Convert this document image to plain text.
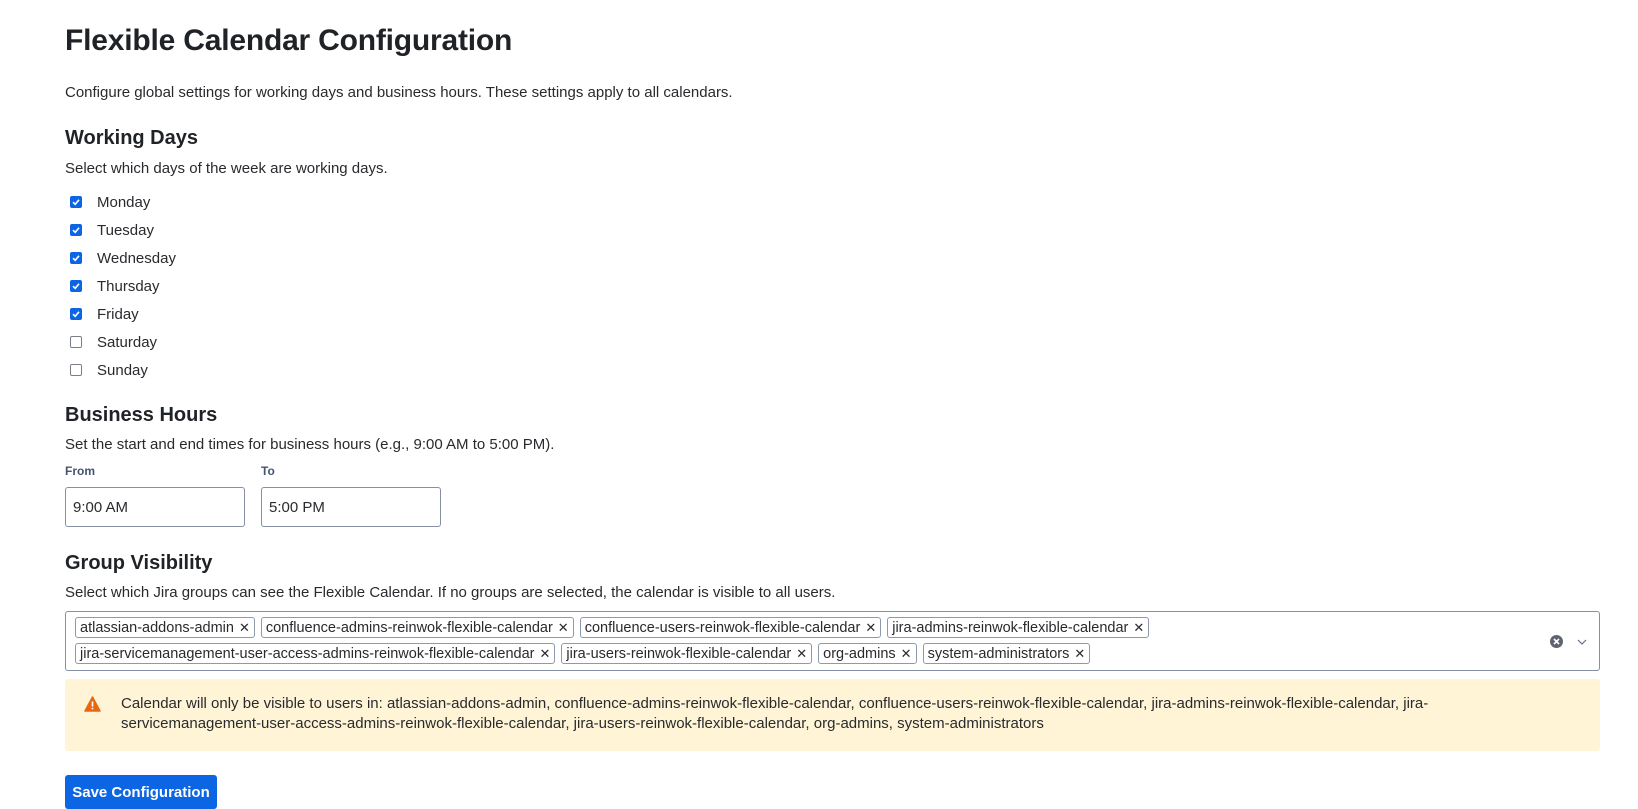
Flexible Calendar Configuration

Configure global settings for working days and business hours. These settings apply to all calendars.

Working Days

Select which days of the week are working days.

Monday
Tuesday
Wednesday
Thursday
Friday
Saturday
Sunday
Business Hours

Set the start and end times for business hours (e.g., 9:00 AM to 5:00 PM).

From	To
9:00 AM
5:00 PM
Group Visibility

Select which Jira groups can see the Flexible Calendar. If no groups are selected, the calendar is visible to all users.

atlassian-addons-admin ✕ confluence-admins-reinwok-flexible-calendar ✕ confluence-users-reinwok-flexible-calendar ✕ jira-admins-reinwok-flexible-calendar ✕
jira-servicemanagement-user-access-admins-reinwok-flexible-calendar ✕ jira-users-reinwok-flexible-calendar ✕ org-admins ✕ system-administrators ✕
Calendar will only be visible to users in: atlassian-addons-admin, confluence-admins-reinwok-flexible-calendar, confluence-users-reinwok-flexible-calendar, jira-admins-reinwok-flexible-calendar, jira-servicemanagement-user-access-admins-reinwok-flexible-calendar, jira-users-reinwok-flexible-calendar, org-admins, system-administrators
Save Configuration
